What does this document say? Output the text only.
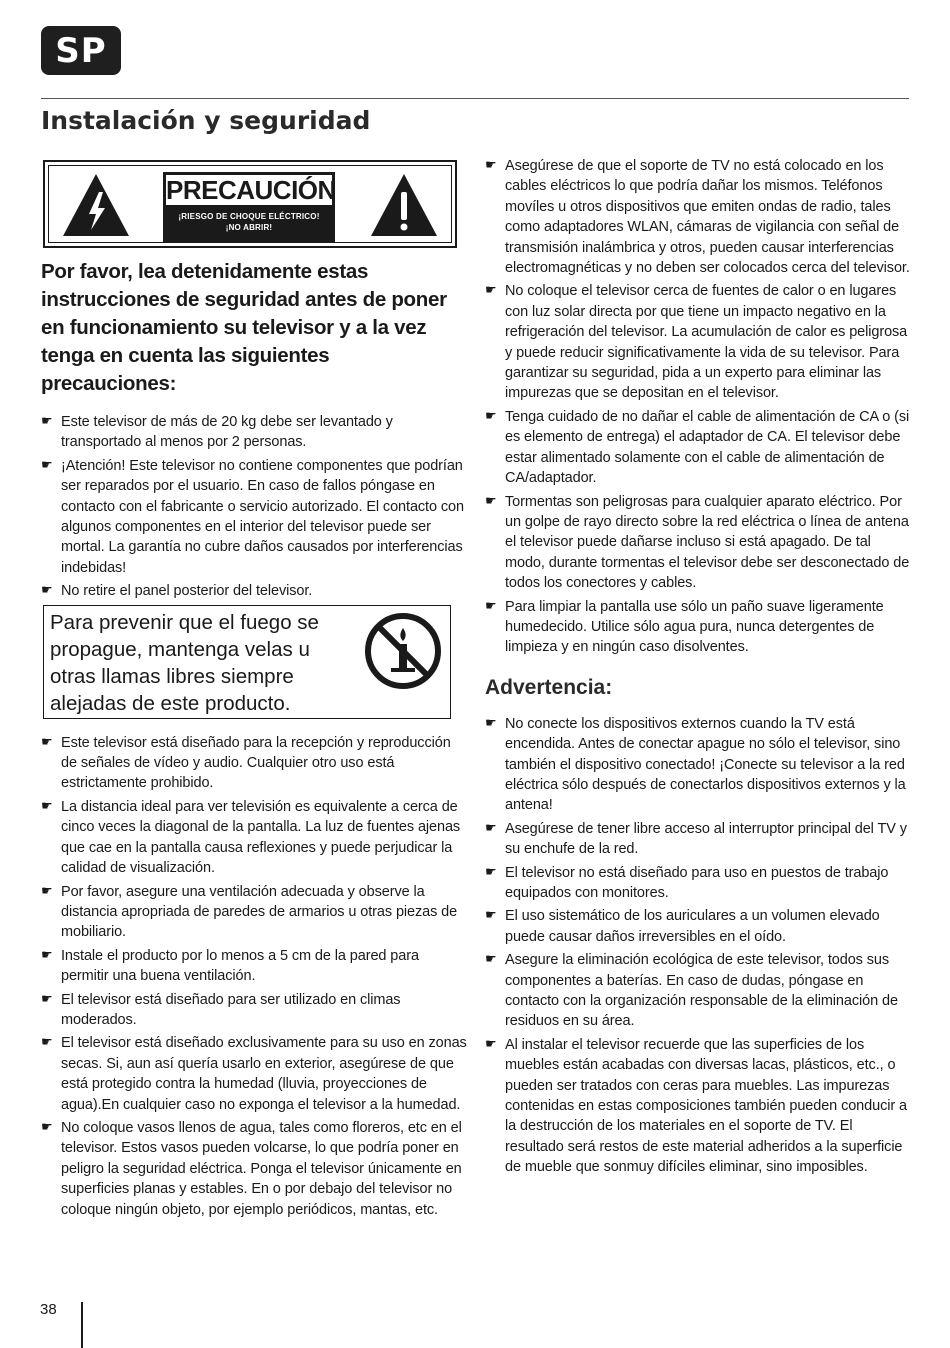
SP
Instalación y seguridad
PRECAUCIÓN
¡RIESGO DE CHOQUE ELÉCTRICO!
¡NO ABRIR!
Por favor, lea detenidamente estas instrucciones de seguridad antes de poner en funcionamiento su televisor y a la vez tenga en cuenta las siguientes precauciones:
☛ Este televisor de más de 20 kg debe ser levantado y transportado al menos por 2 personas.
☛ ¡Atención! Este televisor no contiene componentes que podrían ser reparados por el usuario. En caso de fallos póngase en contacto con el fabricante o servicio autorizado. El contacto con algunos componentes en el interior del televisor puede ser mortal. La garantía no cubre daños causados por interferencias indebidas!
☛ No retire el panel posterior del televisor.
Para prevenir que el fuego se propague, mantenga velas u otras llamas libres siempre alejadas de este producto.
☛ Este televisor está diseñado para la recepción y reproducción de señales de vídeo y audio. Cualquier otro uso está estrictamente prohibido.
☛ La distancia ideal para ver televisión es equivalente a cerca de cinco veces la diagonal de la pantalla. La luz de fuentes ajenas que cae en la pantalla causa reflexiones y puede perjudicar la calidad de visualización.
☛ Por favor, asegure una ventilación adecuada y observe la distancia apropriada de paredes de armarios u otras piezas de mobiliario.
☛ Instale el producto por lo menos a 5 cm de la pared para permitir una buena ventilación.
☛ El televisor está diseñado para ser utilizado en climas moderados.
☛ El televisor está diseñado exclusivamente para su uso en zonas secas. Si, aun así quería usarlo en exterior, asegúrese de que está protegido contra la humedad (lluvia, proyecciones de agua).En cualquier caso no exponga el televisor a la humedad.
☛ No coloque vasos llenos de agua, tales como floreros, etc en el televisor. Estos vasos pueden volcarse, lo que podría poner en peligro la seguridad eléctrica. Ponga el televisor únicamente en superficies planas y estables. En o por debajo del televisor no coloque ningún objeto, por ejemplo periódicos, mantas, etc.
☛ Asegúrese de que el soporte de TV no está colocado en los cables eléctricos lo que podría dañar los mismos. Teléfonos movíles u otros dispositivos que emiten ondas de radio, tales como adaptadores WLAN, cámaras de vigilancia con señal de transmisión inalámbrica y otros, pueden causar interferencias electromagnéticas y no deben ser colocados cerca del televisor.
☛ No coloque el televisor cerca de fuentes de calor o en lugares con luz solar directa por que tiene un impacto negativo en la refrigeración del televisor. La acumulación de calor es peligrosa y puede reducir significativamente la vida de su televisor. Para garantizar su seguridad, pida a un experto para eliminar las impurezas que se depositan en el televisor.
☛ Tenga cuidado de no dañar el cable de alimentación de CA o (si es elemento de entrega) el adaptador de CA. El televisor debe estar alimentado solamente con el cable de alimentación de CA/adaptador.
☛ Tormentas son peligrosas para cualquier aparato eléctrico. Por un golpe de rayo directo sobre la red eléctrica o línea de antena el televisor puede dañarse incluso si está apagado. De tal modo, durante tormentas el televisor debe ser desconectado de todos los conectores y cables.
☛ Para limpiar la pantalla use sólo un paño suave ligeramente humedecido. Utilice sólo agua pura, nunca detergentes de limpieza y en ningún caso disolventes.
Advertencia:
☛ No conecte los dispositivos externos cuando la TV está encendida. Antes de conectar apague no sólo el televisor, sino también el dispositivo conectado! ¡Conecte su televisor a la red eléctrica sólo después de conectarlos dispositivos externos y la antena!
☛ Asegúrese de tener libre acceso al interruptor principal del TV y su enchufe de la red.
☛ El televisor no está diseñado para uso en puestos de trabajo equipados con monitores.
☛ El uso sistemático de los auriculares a un volumen elevado puede causar daños irreversibles en el oído.
☛ Asegure la eliminación ecológica de este televisor, todos sus componentes a baterías. En caso de dudas, póngase en contacto con la organización responsable de la eliminación de residuos en su área.
☛ Al instalar el televisor recuerde que las superficies de los muebles están acabadas con diversas lacas, plásticos, etc., o pueden ser tratados con ceras para muebles. Las impurezas contenidas en estas composiciones también pueden conducir a la destrucción de los materiales en el soporte de TV. El resultado será restos de este material adheridos a la superficie de mueble que sonmuy difíciles eliminar, sino imposibles.
38
